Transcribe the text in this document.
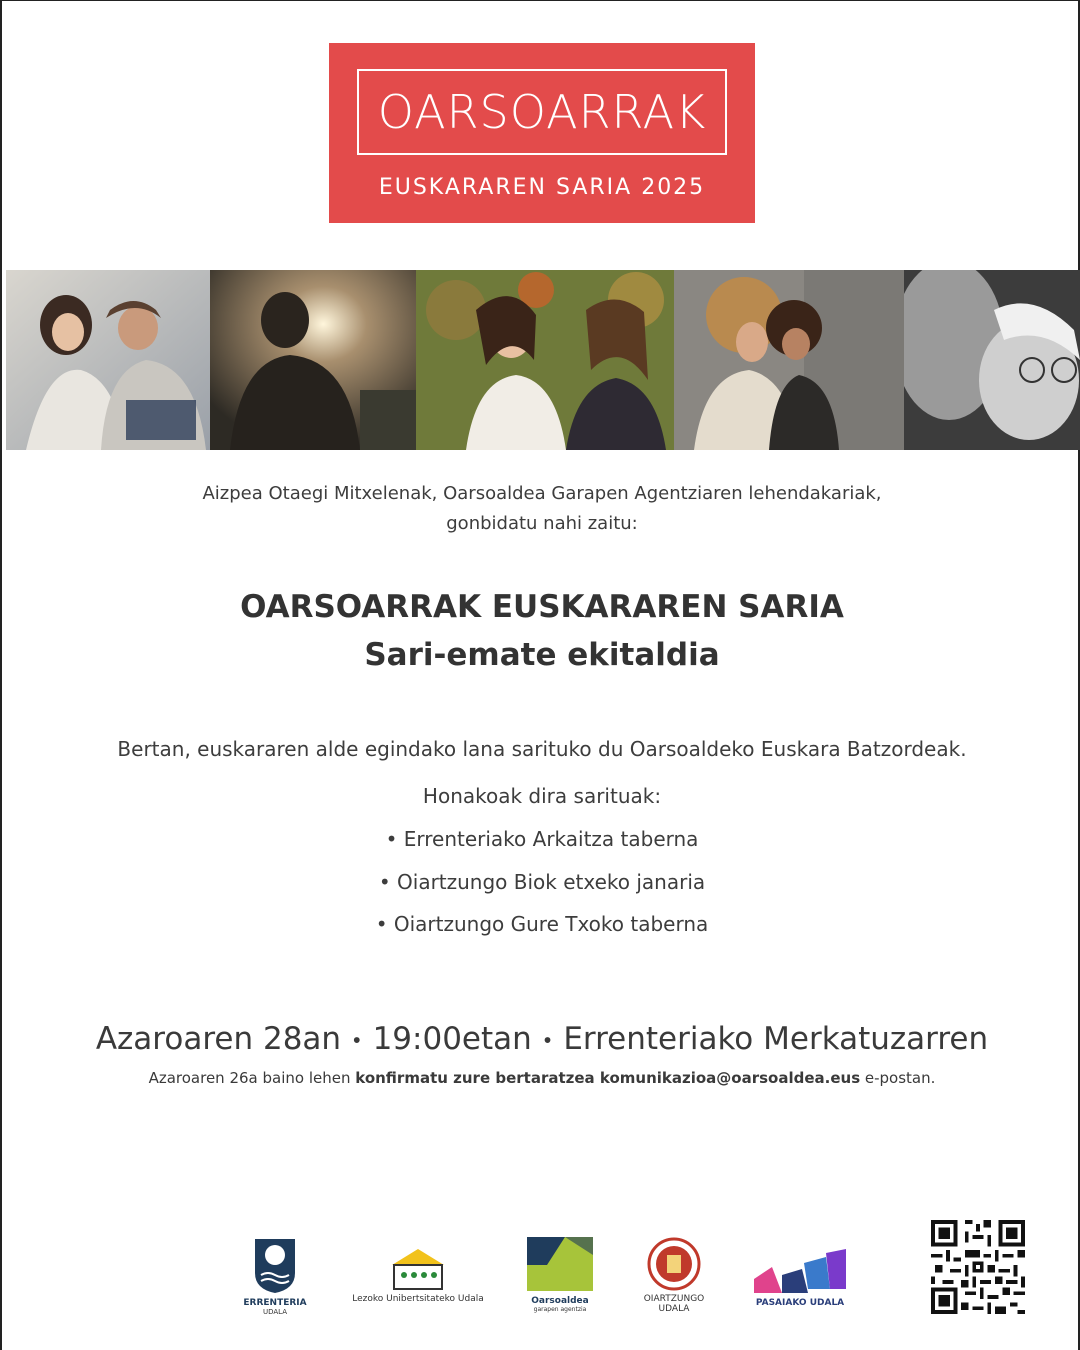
OARSOARRAK
EUSKARAREN SARIA 2025
Aizpea Otaegi Mitxelenak, Oarsoaldea Garapen Agentziaren lehendakariak,
gonbidatu nahi zaitu:
OARSOARRAK EUSKARAREN SARIA
Sari-emate ekitaldia
Bertan, euskararen alde egindako lana sarituko du Oarsoaldeko Euskara Batzordeak.
Honakoak dira sarituak:
• Errenteriako Arkaitza taberna
• Oiartzungo Biok etxeko janaria
• Oiartzungo Gure Txoko taberna
Azaroaren 28an • 19:00etan • Errenteriako Merkatuzarren
Azaroaren 26a baino lehen konfirmatu zure bertaratzea komunikazioa@oarsoaldea.eus e-postan.
ERRENTERIA
UDALA
Lezoko Unibertsitateko Udala	Oarsoaldea
garapen agentzia
OIARTZUNGO
UDALA
PASAIAKO UDALA
